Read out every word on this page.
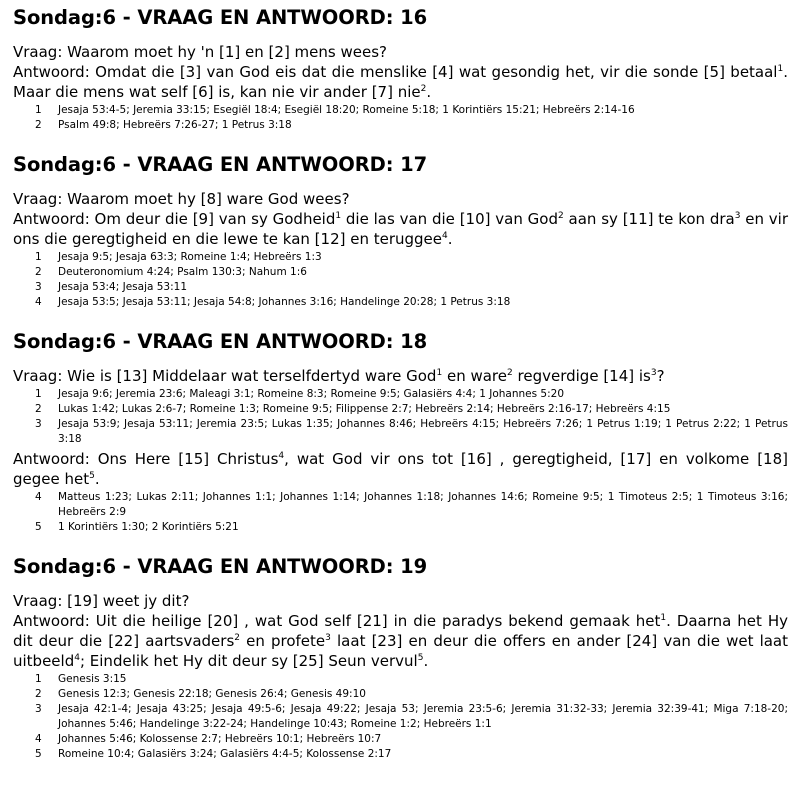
Sondag:6 - VRAAG EN ANTWOORD: 16

Vraag: Waarom moet hy 'n [1] en [2] mens wees?

Antwoord: Omdat die [3] van God eis dat die menslike [4] wat gesondig het, vir die sonde [5] betaal$^1$. Maar die mens wat self [6] is, kan nie vir ander [7] nie$^2$.

1	Jesaja 53:4-5; Jeremia 33:15; Esegiël 18:4; Esegiël 18:20; Romeine 5:18; 1 Korintiërs 15:21; Hebreërs 2:14-16
2	Psalm 49:8; Hebreërs 7:26-27; 1 Petrus 3:18
Sondag:6 - VRAAG EN ANTWOORD: 17

Vraag: Waarom moet hy [8] ware God wees?

Antwoord: Om deur die [9] van sy Godheid$^1$ die las van die [10] van God$^2$ aan sy [11] te kon dra$^3$ en vir ons die geregtigheid en die lewe te kan [12] en teruggee$^4$.

1	Jesaja 9:5; Jesaja 63:3; Romeine 1:4; Hebreërs 1:3
2	Deuteronomium 4:24; Psalm 130:3; Nahum 1:6
3	Jesaja 53:4; Jesaja 53:11
4	Jesaja 53:5; Jesaja 53:11; Jesaja 54:8; Johannes 3:16; Handelinge 20:28; 1 Petrus 3:18
Sondag:6 - VRAAG EN ANTWOORD: 18

Vraag: Wie is [13] Middelaar wat terselfdertyd ware God$^1$ en ware$^2$ regverdige [14] $is^3$?

1	Jesaja 9:6; Jeremia 23:6; Maleagi 3:1; Romeine 8:3; Romeine 9:5; Galasiërs 4:4; 1 Johannes 5:20
2	Lukas 1:42; Lukas 2:6-7; Romeine 1:3; Romeine 9:5; Filippense 2:7; Hebreërs 2:14; Hebreërs 2:16-17; Hebreërs 4:15
3	Jesaja 53:9; Jesaja 53:11; Jeremia 23:5; Lukas 1:35; Johannes 8:46; Hebreërs 4:15; Hebreërs 7:26; 1 Petrus 1:19; 1 Petrus 2:22; 1 Petrus 3:18

Antwoord: Ons Here [15] Christus$^4$, wat God vir ons tot [16] , geregtigheid, [17] en volkome [18] gegee het$^5$.

4	Matteus 1:23; Lukas 2:11; Johannes 1:1; Johannes 1:14; Johannes 1:18; Johannes 14:6; Romeine 9:5; 1 Timoteus 2:5; 1 Timoteus 3:16; Hebreërs 2:9
5	1 Korintiërs 1:30; 2 Korintiërs 5:21
Sondag:6 - VRAAG EN ANTWOORD: 19

Vraag: [19] weet jy dit?

Antwoord: Uit die heilige [20] , wat God self [21] in die paradys bekend gemaak het$^1$. Daarna het Hy dit deur die [22] aartsvaders$^2$ en profete$^3$ laat [23] en deur die offers en ander [24] van die wet laat uitbeeld$^4$; Eindelik het Hy dit deur sy [25] Seun vervul$^5$.

1	Genesis 3:15
2	Genesis 12:3; Genesis 22:18; Genesis 26:4; Genesis 49:10
3	Jesaja 42:1-4; Jesaja 43:25; Jesaja 49:5-6; Jesaja 49:22; Jesaja 53; Jeremia 23:5-6; Jeremia 31:32-33; Jeremia 32:39-41; Miga 7:18-20; Johannes 5:46; Handelinge 3:22-24; Handelinge 10:43; Romeine 1:2; Hebreërs 1:1
4	Johannes 5:46; Kolossense 2:7; Hebreërs 10:1; Hebreërs 10:7
5	Romeine 10:4; Galasiërs 3:24; Galasiërs 4:4-5; Kolossense 2:17
